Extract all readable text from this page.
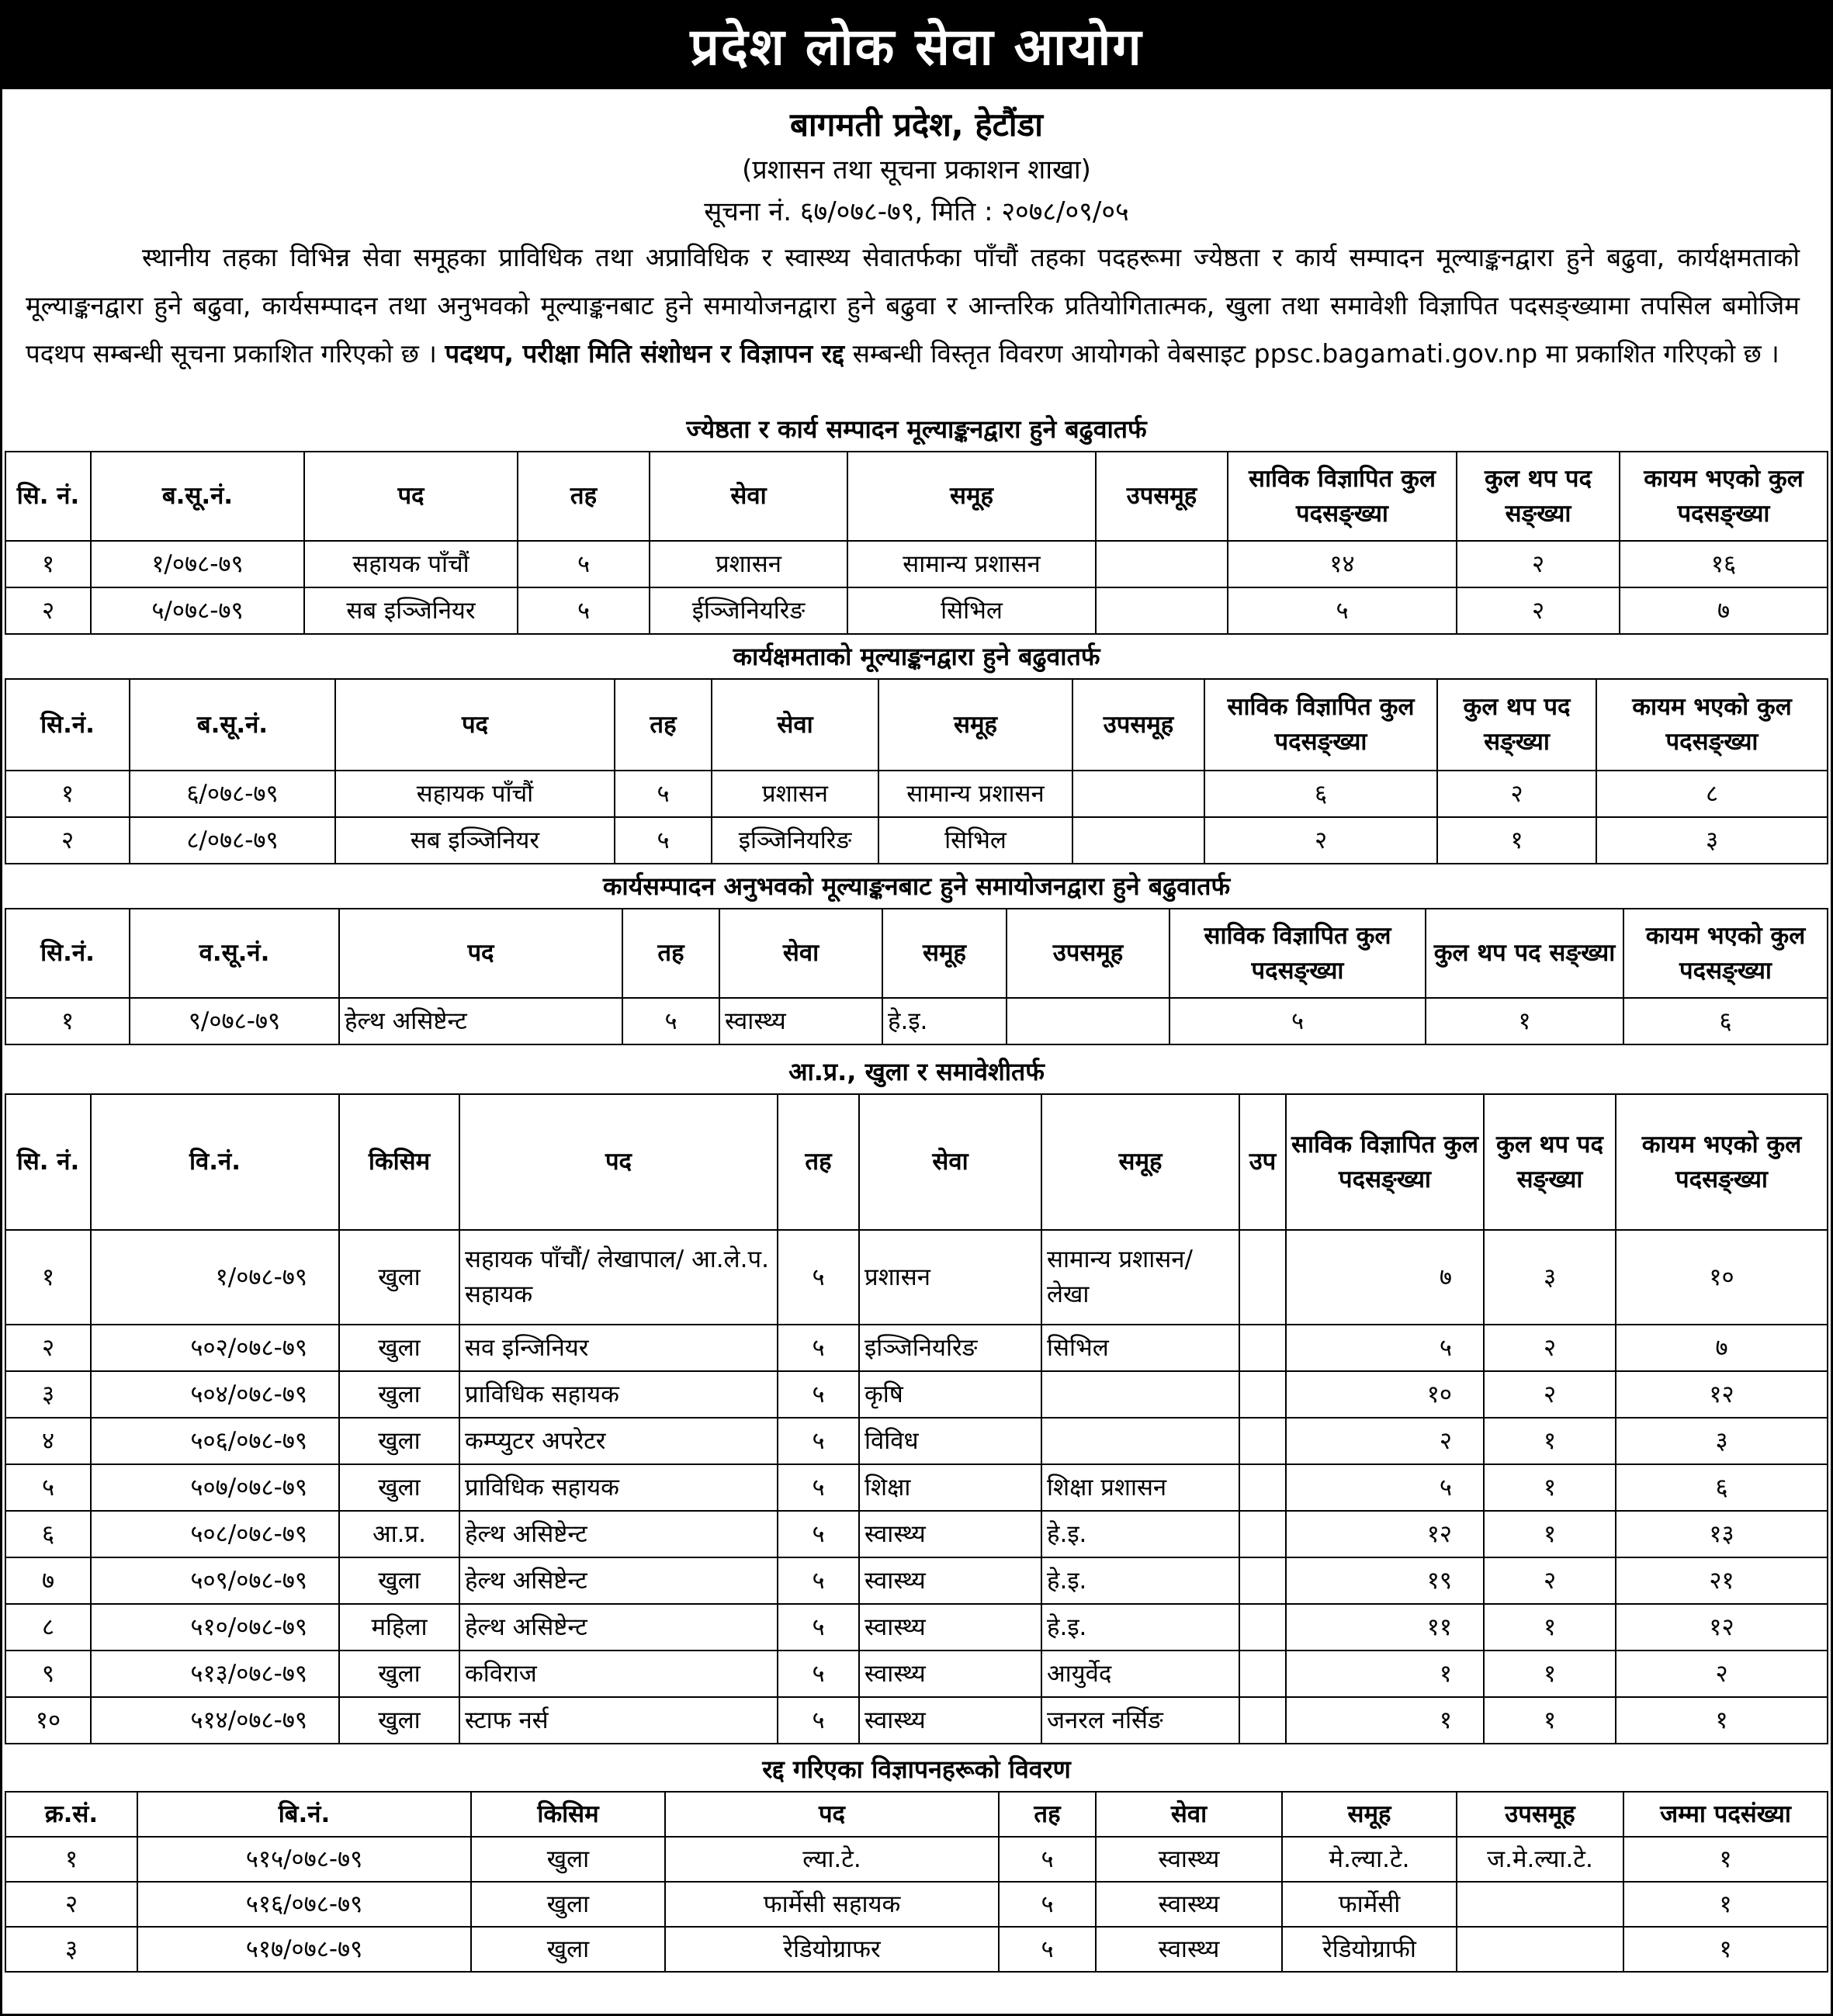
प्रदेश लोक सेवा आयोग
बागमती प्रदेश, हेटौंडा
(प्रशासन तथा सूचना प्रकाशन शाखा)
सूचना नं. ६७/०७८-७९, मिति : २०७८/०९/०५
स्थानीय तहका विभिन्न सेवा समूहका प्राविधिक तथा अप्राविधिक र स्वास्थ्य सेवातर्फका पाँचौं तहका पदहरूमा ज्येष्ठता र कार्य सम्पादन मूल्याङ्कनद्वारा हुने बढुवा, कार्यक्षमताको मूल्याङ्कनद्वारा हुने बढुवा, कार्यसम्पादन तथा अनुभवको मूल्याङ्कनबाट हुने समायोजनद्वारा हुने बढुवा र आन्तरिक प्रतियोगितात्मक, खुला तथा समावेशी विज्ञापित पदसङ्ख्यामा तपसिल बमोजिम पदथप सम्बन्धी सूचना प्रकाशित गरिएको छ । पदथप, परीक्षा मिति संशोधन र विज्ञापन रद्द सम्बन्धी विस्तृत विवरण आयोगको वेबसाइट ppsc.bagamati.gov.np मा प्रकाशित गरिएको छ ।
ज्येष्ठता र कार्य सम्पादन मूल्याङ्कनद्वारा हुने बढुवातर्फ
सि. नं.	ब.सू.नं.	पद	तह	सेवा	समूह	उपसमूह	साविक विज्ञापित कुल पदसङ्ख्या	कुल थप पद सङ्ख्या	कायम भएको कुल पदसङ्ख्या
१	१/०७८-७९	सहायक पाँचौं	५	प्रशासन	सामान्य प्रशासन		१४	२	१६
२	५/०७८-७९	सब इञ्जिनियर	५	ईञ्जिनियरिङ	सिभिल		५	२	७
कार्यक्षमताको मूल्याङ्कनद्वारा हुने बढुवातर्फ
सि.नं.	ब.सू.नं.	पद	तह	सेवा	समूह	उपसमूह	साविक विज्ञापित कुल पदसङ्ख्या	कुल थप पद सङ्ख्या	कायम भएको कुल पदसङ्ख्या
१	६/०७८-७९	सहायक पाँचौं	५	प्रशासन	सामान्य प्रशासन		६	२	८
२	८/०७८-७९	सब इञ्जिनियर	५	इञ्जिनियरिङ	सिभिल		२	१	३
कार्यसम्पादन अनुभवको मूल्याङ्कनबाट हुने समायोजनद्वारा हुने बढुवातर्फ
सि.नं.	व.सू.नं.	पद	तह	सेवा	समूह	उपसमूह	साविक विज्ञापित कुल पदसङ्ख्या	कुल थप पद सङ्ख्या	कायम भएको कुल पदसङ्ख्या
१	९/०७८-७९	हेल्थ असिष्टेन्ट	५	स्वास्थ्य	हे.इ.		५	१	६
आ.प्र., खुला र समावेशीतर्फ
सि. नं.	वि.नं.	किसिम	पद	तह	सेवा	समूह	उप	साविक विज्ञापित कुल पदसङ्ख्या	कुल थप पद सङ्ख्या	कायम भएको कुल पदसङ्ख्या
१	१/०७८-७९	खुला	सहायक पाँचौं/ लेखापाल/ आ.ले.प. सहायक	५	प्रशासन	सामान्य प्रशासन/लेखा		७	३	१०
२	५०२/०७८-७९	खुला	सव इन्जिनियर	५	इञ्जिनियरिङ	सिभिल		५	२	७
३	५०४/०७८-७९	खुला	प्राविधिक सहायक	५	कृषि			१०	२	१२
४	५०६/०७८-७९	खुला	कम्प्युटर अपरेटर	५	विविध			२	१	३
५	५०७/०७८-७९	खुला	प्राविधिक सहायक	५	शिक्षा	शिक्षा प्रशासन		५	१	६
६	५०८/०७८-७९	आ.प्र.	हेल्थ असिष्टेन्ट	५	स्वास्थ्य	हे.इ.		१२	१	१३
७	५०९/०७८-७९	खुला	हेल्थ असिष्टेन्ट	५	स्वास्थ्य	हे.इ.		१९	२	२१
८	५१०/०७८-७९	महिला	हेल्थ असिष्टेन्ट	५	स्वास्थ्य	हे.इ.		११	१	१२
९	५१३/०७८-७९	खुला	कविराज	५	स्वास्थ्य	आयुर्वेद		१	१	२
१०	५१४/०७८-७९	खुला	स्टाफ नर्स	५	स्वास्थ्य	जनरल नर्सिङ		१	१	१
रद्द गरिएका विज्ञापनहरूको विवरण
क्र.सं.	बि.नं.	किसिम	पद	तह	सेवा	समूह	उपसमूह	जम्मा पदसंख्या
१	५१५/०७८-७९	खुला	ल्या.टे.	५	स्वास्थ्य	मे.ल्या.टे.	ज.मे.ल्या.टे.	१
२	५१६/०७८-७९	खुला	फार्मेसी सहायक	५	स्वास्थ्य	फार्मेसी		१
३	५१७/०७८-७९	खुला	रेडियोग्राफर	५	स्वास्थ्य	रेडियोग्राफी		१
